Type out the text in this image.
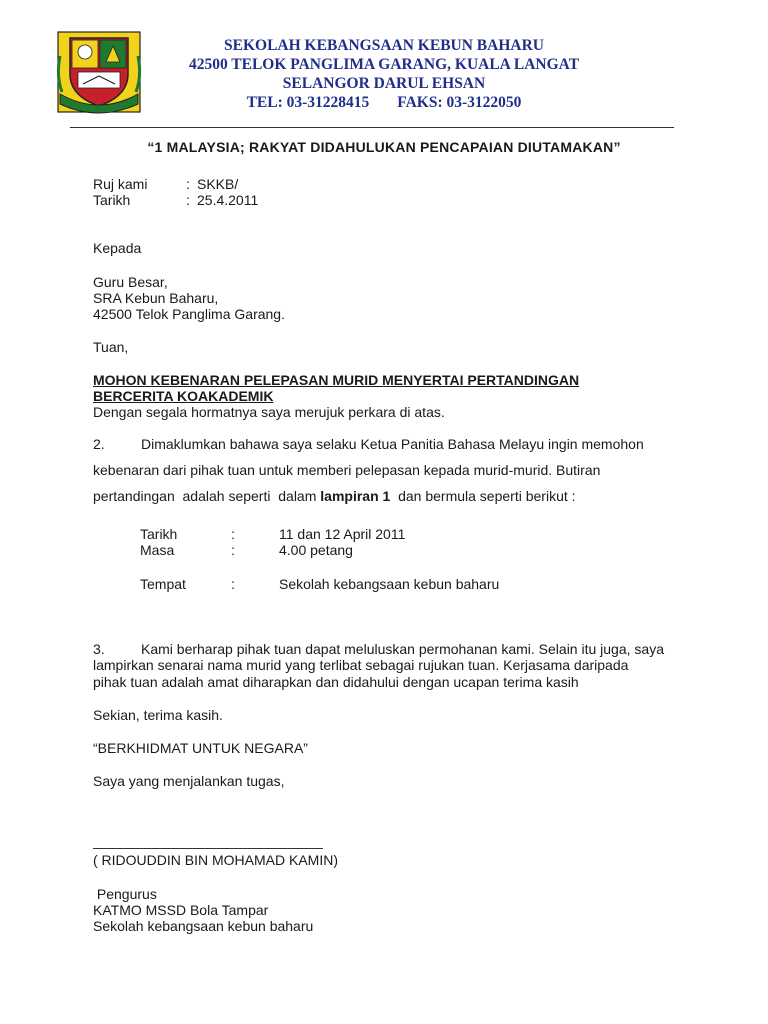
SEKOLAH KEBANGSAAN KEBUN BAHARU
42500 TELOK PANGLIMA GARANG, KUALA LANGAT
SELANGOR DARUL EHSAN
TEL: 03-31228415 FAKS: 03-3122050
“1 MALAYSIA; RAKYAT DIDAHULUKAN PENCAPAIAN DIUTAMAKAN”
Ruj kami	: SKKB/
Tarikh	: 25.4.2011
Kepada
Guru Besar,
SRA Kebun Baharu,
42500 Telok Panglima Garang.
Tuan,
MOHON KEBENARAN PELEPASAN MURID MENYERTAI PERTANDINGAN
BERCERITA KOAKADEMIK
Dengan segala hormatnya saya merujuk perkara di atas.
2.	Dimaklumkan bahawa saya selaku Ketua Panitia Bahasa Melayu ingin memohon
kebenaran dari pihak tuan untuk memberi pelepasan kepada murid-murid. Butiran
pertandingan  adalah seperti  dalam lampiran 1  dan bermula seperti berikut :
Tarikh	:	11 dan 12 April 2011
Masa	:	4.00 petang
Tempat	:	Sekolah kebangsaan kebun baharu
3.	Kami berharap pihak tuan dapat meluluskan permohanan kami. Selain itu juga, saya
lampirkan senarai nama murid yang terlibat sebagai rujukan tuan. Kerjasama daripada
pihak tuan adalah amat diharapkan dan didahului dengan ucapan terima kasih
Sekian, terima kasih.
“BERKHIDMAT UNTUK NEGARA”
Saya yang menjalankan tugas,
( RIDOUDDIN BIN MOHAMAD KAMIN)
Pengurus
KATMO MSSD Bola Tampar
Sekolah kebangsaan kebun baharu
